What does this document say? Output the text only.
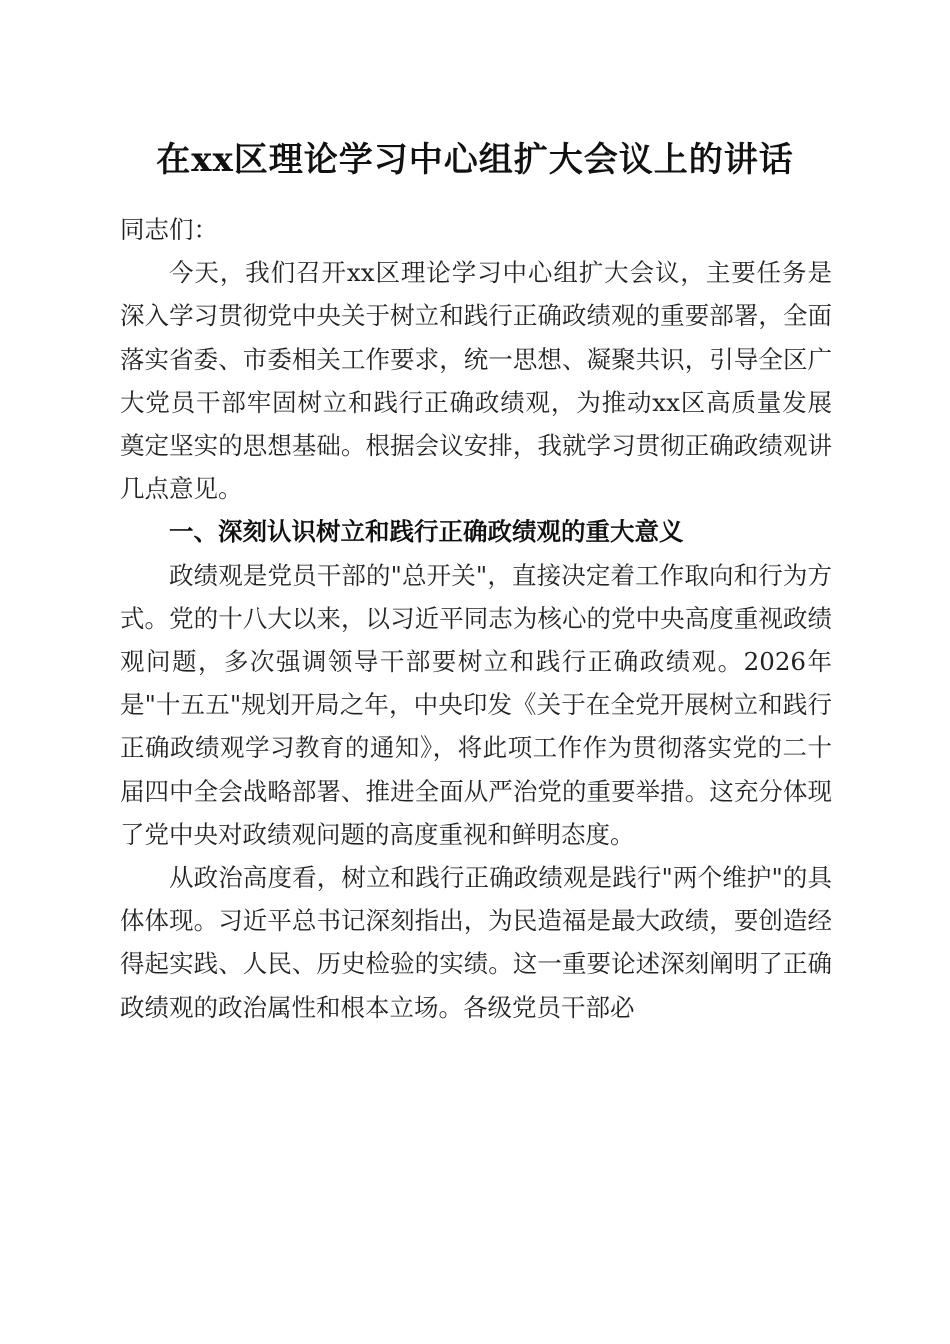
在xx区理论学习中心组扩大会议上的讲话

同志们：

今天，我们召开xx区理论学习中心组扩大会议，主要任务是深入学习贯彻党中央关于树立和践行正确政绩观的重要部署，全面落实省委、市委相关工作要求，统一思想、凝聚共识，引导全区广大党员干部牢固树立和践行正确政绩观，为推动xx区高质量发展奠定坚实的思想基础。根据会议安排，我就学习贯彻正确政绩观讲几点意见。

一、深刻认识树立和践行正确政绩观的重大意义

政绩观是党员干部的"总开关"，直接决定着工作取向和行为方式。党的十八大以来，以习近平同志为核心的党中央高度重视政绩观问题，多次强调领导干部要树立和践行正确政绩观。2026年是"十五五"规划开局之年，中央印发《关于在全党开展树立和践行正确政绩观学习教育的通知》，将此项工作作为贯彻落实党的二十届四中全会战略部署、推进全面从严治党的重要举措。这充分体现了党中央对政绩观问题的高度重视和鲜明态度。

从政治高度看，树立和践行正确政绩观是践行"两个维护"的具体体现。习近平总书记深刻指出，为民造福是最大政绩，要创造经得起实践、人民、历史检验的实绩。这一重要论述深刻阐明了正确政绩观的政治属性和根本立场。各级党员干部必
